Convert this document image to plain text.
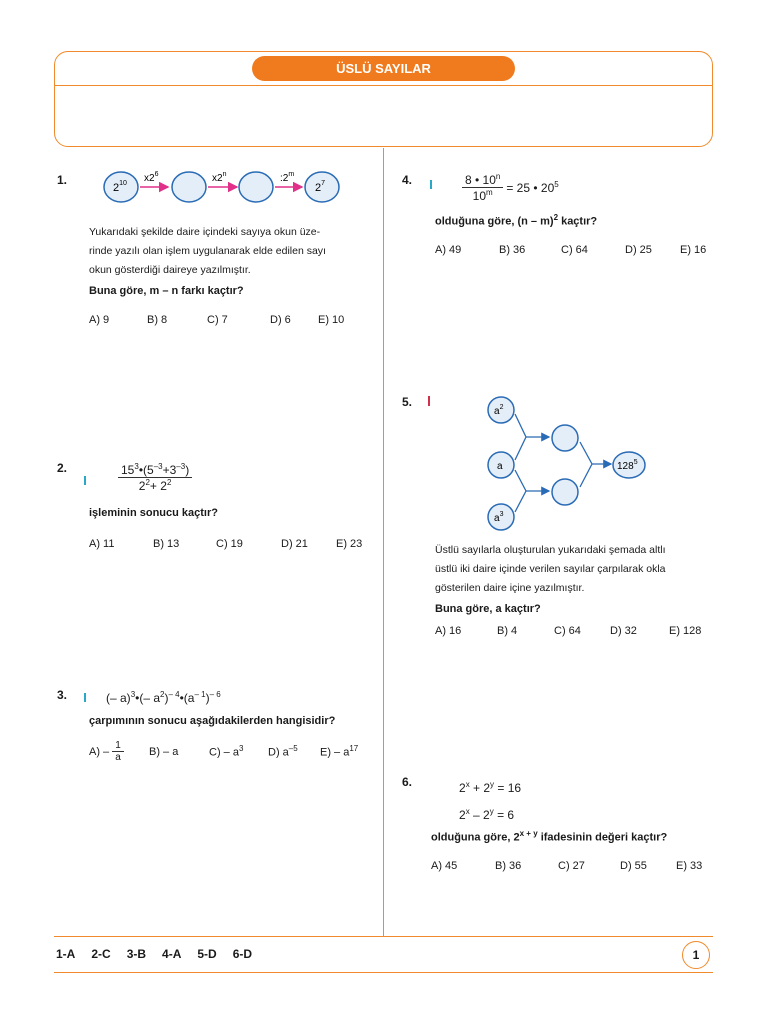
ÜSLÜ SAYILAR
1.
$2^{10}$ $x2^6$	x2$^n$	:2$^m$
$2^7$
Yukarıdaki şekilde daire içindeki sayıya okun üze-
rinde yazılı olan işlem uygulanarak elde edilen sayı
okun gösterdiği daireye yazılmıştır.
Buna göre, m – n farkı kaçtır?
A) 9	B) 8	C) 7	D) 6	E) 10
2.	$\frac{15^3•(5^{-3}+3^{-3})}{2^2+ 2^2}$
işleminin sonucu kaçtır?
A) 11	B) 13	C) 19	D) 21	E) 23
3.	(– a)$^3$•(– $a^2)^{- 4}•(a^{- 1})^{- 6}$
çarpımının sonucu aşağıdakilerden hangisidir?
$A) - \frac{1}{a} B$) – a	$C) - a^3$	D) $a^{-5}$	$E) - a^{17}$
4.	$\frac{8 • 10^n}{10^m} = 25$ • $20^5$
olduğuna göre, (n – m)$^2$ kaçtır?
A) 49	B) 36	C) 64	D) 25	E) 16
5.
$a^2$
a
$a^3$
$128^5$
Üstlü sayılarla oluşturulan yukarıdaki şemada altlı
üstlü iki daire içinde verilen sayılar çarpılarak okla
gösterilen daire içine yazılmıştır.
Buna göre, a kaçtır?
A) 16	B) 4	C) 64	D) 32	E) 128
6.	$2^x + 2^y = 16$
$2^x - 2^y = 6$
olduğuna göre, $2^{x + y}$ ifadesinin değeri kaçtır?
A) 45	B) 36	C) 27	D) 55	E) 33
1-A 2-C 3-B 4-A 5-D 6-D	1
